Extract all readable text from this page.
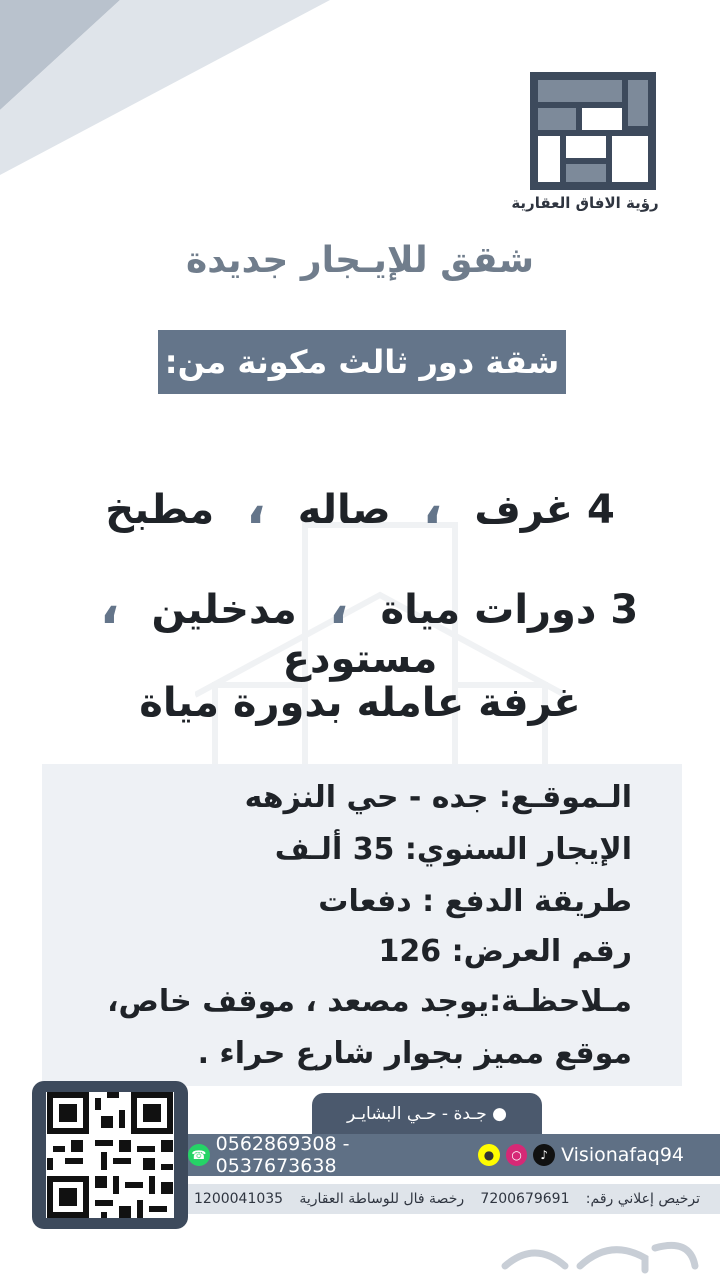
رؤية الافاق العقارية
شقق للإيـجار جديدة
شقة دور ثالث مكونة من:
4 غرف ، صاله ، مطبخ
3 دورات مياة ، مدخلين ، مستودع
غرفة عامله بدورة مياة
الـموقـع: جده - حي النزهه
الإيجار السنوي: 35 ألـف
طريقة الدفع : دفعات
رقم العرض: 126
مـلاحظـة:يوجد مصعد ، موقف خاص،
موقع مميز بجوار شارع حراء .
● جـدة - حـي البشايـر
☎ 0562869308 - 0537673638	●	○	♪ Visionafaq94
1200041035 رخصة فال للوساطة العقارية 7200679691 ترخيص إعلاني رقم:
